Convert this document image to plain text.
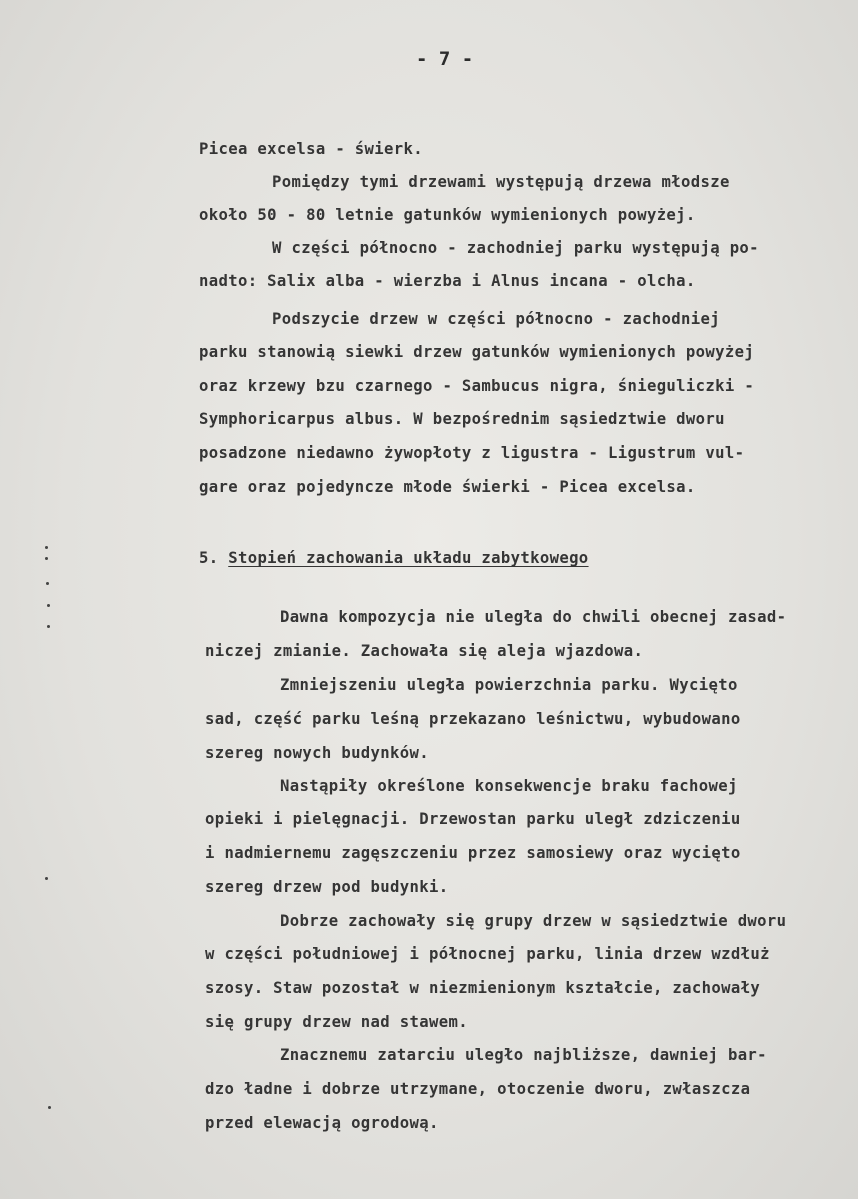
- 7 -
Picea excelsa - świerk.
Pomiędzy tymi drzewami występują drzewa młodsze
około 50 - 80 letnie gatunków wymienionych powyżej.
W części północno - zachodniej parku występują po-
nadto: Salix alba - wierzba i Alnus incana - olcha.
Podszycie drzew w części północno - zachodniej
parku stanowią siewki drzew gatunków wymienionych powyżej
oraz krzewy bzu czarnego - Sambucus nigra, śnieguliczki -
Symphoricarpus albus. W bezpośrednim sąsiedztwie dworu
posadzone niedawno żywopłoty z ligustra - Ligustrum vul-
gare oraz pojedyncze młode świerki - Picea excelsa.
5. Stopień zachowania układu zabytkowego
Dawna kompozycja nie uległa do chwili obecnej zasad-
niczej zmianie. Zachowała się aleja wjazdowa.
Zmniejszeniu uległa powierzchnia parku. Wycięto
sad, część parku leśną przekazano leśnictwu, wybudowano
szereg nowych budynków.
Nastąpiły określone konsekwencje braku fachowej
opieki i pielęgnacji. Drzewostan parku uległ zdziczeniu
i nadmiernemu zagęszczeniu przez samosiewy oraz wycięto
szereg drzew pod budynki.
Dobrze zachowały się grupy drzew w sąsiedztwie dworu
w części południowej i północnej parku, linia drzew wzdłuż
szosy. Staw pozostał w niezmienionym kształcie, zachowały
się grupy drzew nad stawem.
Znacznemu zatarciu uległo najbliższe, dawniej bar-
dzo ładne i dobrze utrzymane, otoczenie dworu, zwłaszcza
przed elewacją ogrodową.
